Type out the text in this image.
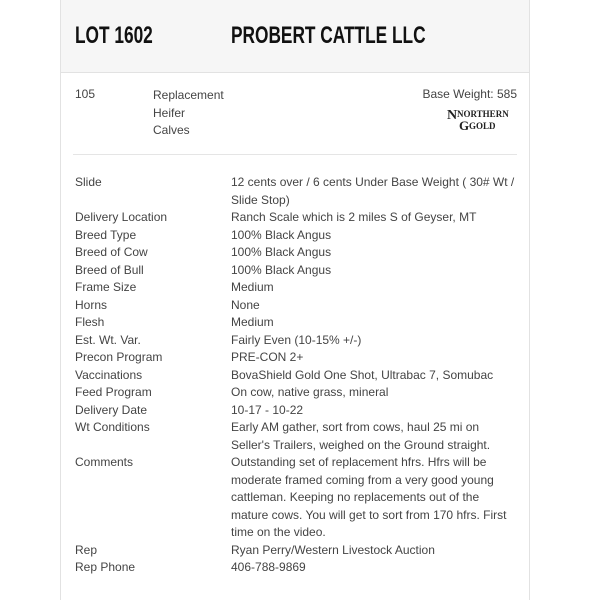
LOT 1602	PROBERT CATTLE LLC
105	Replacement
Heifer
Calves
Base Weight: 585
N NORTHERN
G GOLD
Slide	12 cents over / 6 cents Under Base Weight ( 30# Wt / Slide Stop)
Delivery Location	Ranch Scale which is 2 miles S of Geyser, MT
Breed Type	100% Black Angus
Breed of Cow	100% Black Angus
Breed of Bull	100% Black Angus
Frame Size	Medium
Horns	None
Flesh	Medium
Est. Wt. Var.	Fairly Even (10-15% +/-)
Precon Program	PRE-CON 2+
Vaccinations	BovaShield Gold One Shot, Ultrabac 7, Somubac
Feed Program	On cow, native grass, mineral
Delivery Date	10-17 - 10-22
Wt Conditions	Early AM gather, sort from cows, haul 25 mi on Seller's Trailers, weighed on the Ground straight.
Comments	Outstanding set of replacement hfrs. Hfrs will be moderate framed coming from a very good young cattleman. Keeping no replacements out of the mature cows. You will get to sort from 170 hfrs. First time on the video.
Rep	Ryan Perry/Western Livestock Auction
Rep Phone	406-788-9869
